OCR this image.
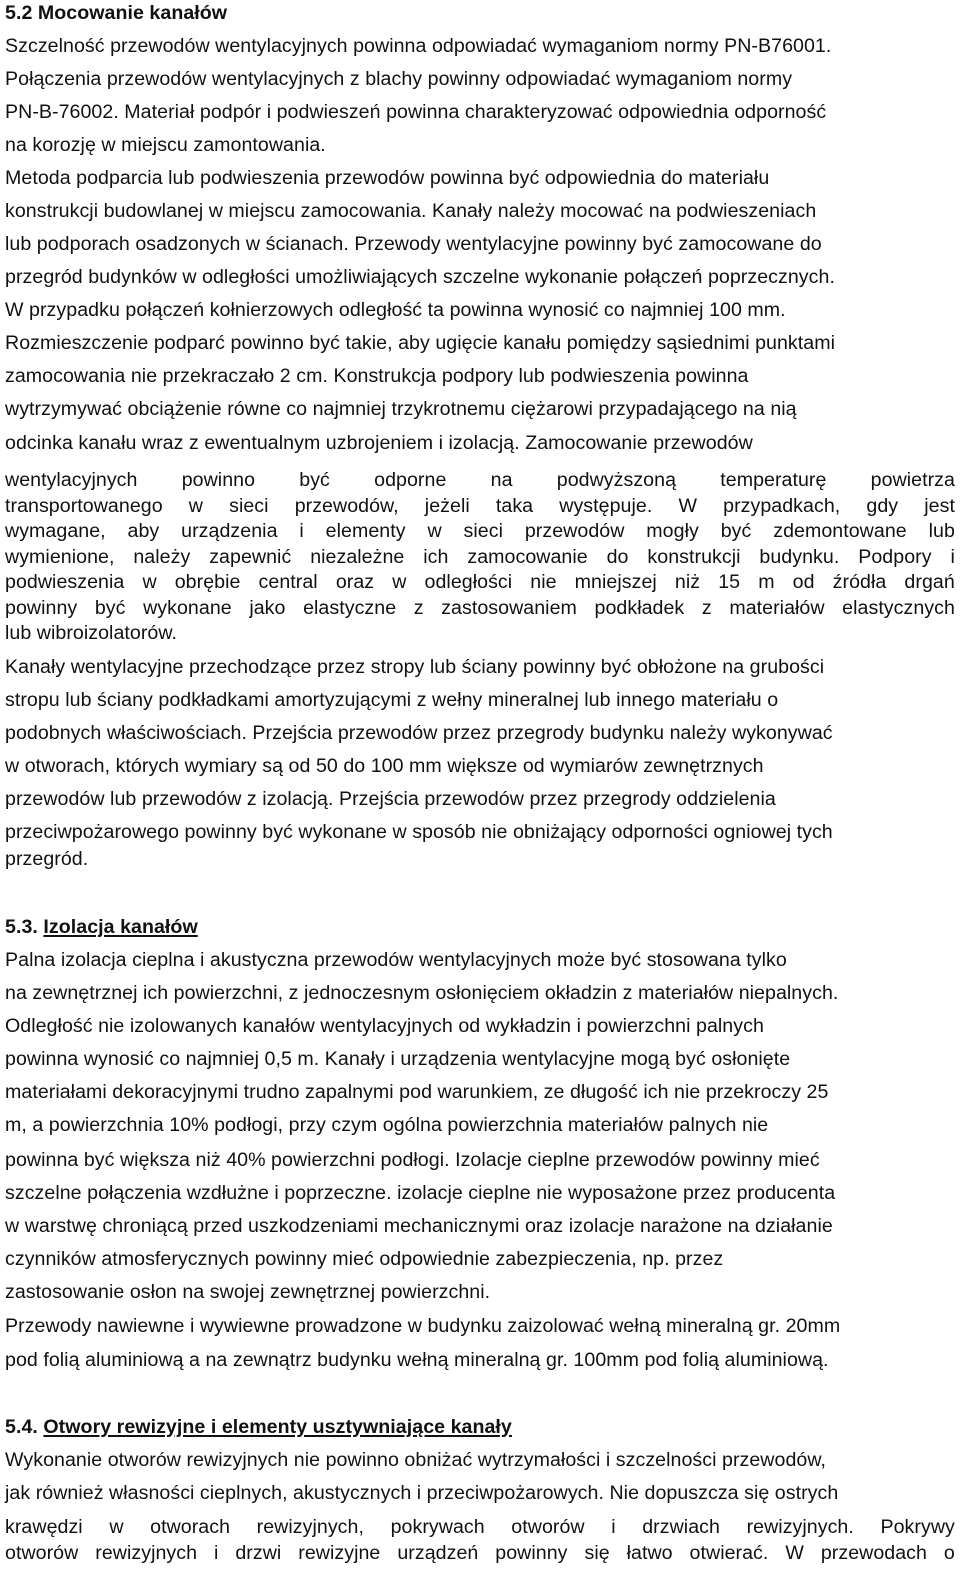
5.2 Mocowanie kanałów
Szczelność przewodów wentylacyjnych powinna odpowiadać wymaganiom normy PN-B76001.
Połączenia przewodów wentylacyjnych z blachy powinny odpowiadać wymaganiom normy
PN-B-76002. Materiał podpór i podwieszeń powinna charakteryzować odpowiednia odporność
na korozję w miejscu zamontowania.
Metoda podparcia lub podwieszenia przewodów powinna być odpowiednia do materiału
konstrukcji budowlanej w miejscu zamocowania. Kanały należy mocować na podwieszeniach
lub podporach osadzonych w ścianach. Przewody wentylacyjne powinny być zamocowane do
przegród budynków w odległości umożliwiających szczelne wykonanie połączeń poprzecznych.
W przypadku połączeń kołnierzowych odległość ta powinna wynosić co najmniej 100 mm.
Rozmieszczenie podparć powinno być takie, aby ugięcie kanału pomiędzy sąsiednimi punktami
zamocowania nie przekraczało 2 cm. Konstrukcja podpory lub podwieszenia powinna
wytrzymywać obciążenie równe co najmniej trzykrotnemu ciężarowi przypadającego na nią
odcinka kanału wraz z ewentualnym uzbrojeniem i izolacją. Zamocowanie przewodów
wentylacyjnych powinno być odporne na podwyższoną temperaturę powietrza
transportowanego w sieci przewodów, jeżeli taka występuje. W przypadkach, gdy jest
wymagane, aby urządzenia i elementy w sieci przewodów mogły być zdemontowane lub
wymienione, należy zapewnić niezależne ich zamocowanie do konstrukcji budynku. Podpory i
podwieszenia w obrębie central oraz w odległości nie mniejszej niż 15 m od źródła drgań
powinny być wykonane jako elastyczne z zastosowaniem podkładek z materiałów elastycznych
lub wibroizolatorów.
Kanały wentylacyjne przechodzące przez stropy lub ściany powinny być obłożone na grubości
stropu lub ściany podkładkami amortyzującymi z wełny mineralnej lub innego materiału o
podobnych właściwościach. Przejścia przewodów przez przegrody budynku należy wykonywać
w otworach, których wymiary są od 50 do 100 mm większe od wymiarów zewnętrznych
przewodów lub przewodów z izolacją. Przejścia przewodów przez przegrody oddzielenia
przeciwpożarowego powinny być wykonane w sposób nie obniżający odporności ogniowej tych
przegród.
5.3. Izolacja kanałów
Palna izolacja cieplna i akustyczna przewodów wentylacyjnych może być stosowana tylko
na zewnętrznej ich powierzchni, z jednoczesnym osłonięciem okładzin z materiałów niepalnych.
Odległość nie izolowanych kanałów wentylacyjnych od wykładzin i powierzchni palnych
powinna wynosić co najmniej 0,5 m. Kanały i urządzenia wentylacyjne mogą być osłonięte
materiałami dekoracyjnymi trudno zapalnymi pod warunkiem, ze długość ich nie przekroczy 25
m, a powierzchnia 10% podłogi, przy czym ogólna powierzchnia materiałów palnych nie
powinna być większa niż 40% powierzchni podłogi. Izolacje cieplne przewodów powinny mieć
szczelne połączenia wzdłużne i poprzeczne. izolacje cieplne nie wyposażone przez producenta
w warstwę chroniącą przed uszkodzeniami mechanicznymi oraz izolacje narażone na działanie
czynników atmosferycznych powinny mieć odpowiednie zabezpieczenia, np. przez
zastosowanie osłon na swojej zewnętrznej powierzchni.
Przewody nawiewne i wywiewne prowadzone w budynku zaizolować wełną mineralną gr. 20mm
pod folią aluminiową a na zewnątrz budynku wełną mineralną gr. 100mm pod folią aluminiową.
5.4. Otwory rewizyjne i elementy usztywniające kanały
Wykonanie otworów rewizyjnych nie powinno obniżać wytrzymałości i szczelności przewodów,
jak również własności cieplnych, akustycznych i przeciwpożarowych. Nie dopuszcza się ostrych
krawędzi w otworach rewizyjnych, pokrywach otworów i drzwiach rewizyjnych. Pokrywy
otworów rewizyjnych i drzwi rewizyjne urządzeń powinny się łatwo otwierać. W przewodach o
